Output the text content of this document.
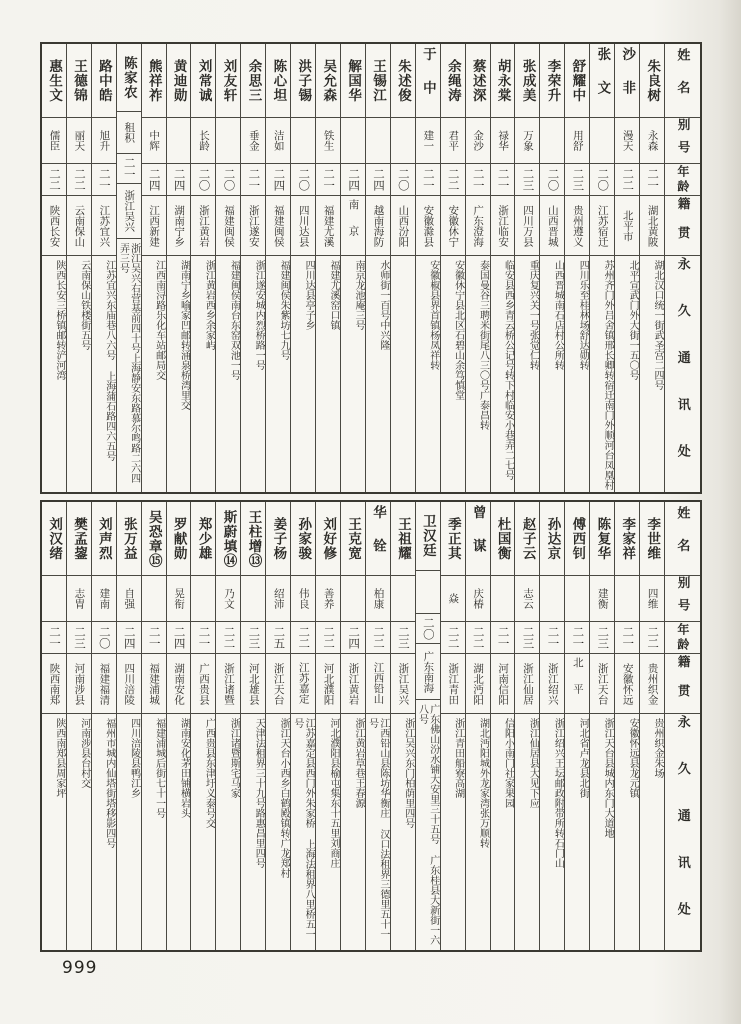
姓名
别号
年龄
籍贯
永久通讯处
朱良树
永森
二一
湖北黄陂
湖北汉口统一街武圣宫二四号
沙非
漫天
二二
北平市
北平宣武门外大街一五〇号
张文
二〇
江苏宿迁
苏州齐门外吕舍镇邢长卿转宿迁南门外顺河台凤凰村
舒耀中
用舒
二三
贵州遵义
四川乐至桂林场舒达勋转
李荣升
二〇
山西晋城
山西晋城南石店村公所转
张成美
万象
二三
四川万县
重庆复兴关一号张觉仁转
胡永棠
禄华
二一
浙江临安
临安县西乡青云桥公记号转下村临安小巷弄二七号
蔡述深
金沙
二一
广东澄海
泰国曼谷三聘米街尾八三〇号广泰昌转
余绳涛
君平
二二
安徽休宁
安徽休宁县北区石碧山余笃慎堂
于中
建一
二一
安徽滁县
安徽椒县界首镇杨凤祥转
朱述俊
二〇
山西汾阳
王锡江
二四
越南海防
水师街一百号中兴隆
解国华
二四
南京
南京龙池庵三号
吴允森
铁生
二一
福建尤溪
福建尤溪窑口镇
洪子锡
二〇
四川达县
四川达县亭子乡
陈心坦
洁如
二四
福建闽侯
福建闽侯朱紫坊七九号
余思三
垂金
二一
浙江遂安
浙江遂安城内烈桥路一号
刘友轩
二〇
福建闽侯
福建闽侯南台东窑双池一号
刘常诚
长龄
二〇
浙江黄岩
浙江黄岩西乡余家屿
黄迪勋
二四
湖南宁乡
湖南宁乡喻家凹邮转涌泉桥湾里交
熊祥祚
中辉
二四
江西新建
江西南浔路乐化车站邮局交
陈家农
租积
二一
浙江吴兴
浙江吴兴右营基前四十号上海静安东路慕尔鸣路二六四弄三号
路中皓
旭升
二一
江苏宜兴
江苏宜兴东庙巷八六号 上海蒲石路四六五号
王德锦
丽天
二二
云南保山
云南保山铁楼街五号
惠生文
儒臣
二二
陕西长安
陕西长安三桥镇邮转浐河湾
姓名
别号
年龄
籍贯
永久通讯处
李世维
四维
二二
贵州织金
贵州织金朱场
李家祥
二一
安徽怀远
安徽怀远县龙元镇
陈复华
建衡
二三
浙江天台
浙江天台县城内东门大道地
傅西钊
二一
北平
河北省卢龙县北街
孙达京
二一
浙江绍兴
浙江绍兴王坛邮政附带所转石门山
赵子云
志云
二三
浙江仙居
浙江仙居县大见下应
杜国衡
二一
河南信阳
信阳小南门社家果园
曾谋
庆椿
二二
湖北沔阳
湖北沔阳城外龙家湾张万顺转
季正其
焱
二二
浙江青田
浙江青田船寮高湖
卫汉廷
二〇
广东南海
广东佛山汾水铺大安里三十五号 广东桂县大新街一六八号
王祖耀
二三
浙江吴兴
浙江吴兴东门柏荫里四号
华铨
柏康
二二
江西铅山
江西铅山县陈坊华衡庄 汉口法租界三德里五十一号
王克宽
二四
浙江黄岩
浙江黄岩草巷王春源
刘好修
善养
二二
河北濮阳
河北濮阳县榆屯集东十五里刘商庄
孙家骏
伟良
二二
江苏嘉定
江苏嘉定县西门外朱家桥 上海法租界八里桥五一号
姜子杨
绍沛
二五
浙江天台
浙江天台小西乡白鹤殿镇转广龙郑村
王柱增⑬
二三
河北雄县
天津法租界三十九号路惠昌里四号
斯蔚填⑭
乃文
二二
浙江诸暨
浙江诸暨斯宅马家
郑少雄
二一
广西贵县
广西贵县东津圩义泰号交
罗献勋
晃衔
二四
湖南安化
湖南安化茅田铺横岩头
吴恐章⑮
二一
福建浦城
福建浦城后街七十一号
张万益
自强
二四
四川涪陵
四川涪陵县鸭江乡
刘声烈
建南
二〇
福建福清
福州市城内仙塔街塔移影四号
樊孟鋆
志胄
二三
河南涉县
河南涉县台村交
刘汉绪
二一
陕西南郑
陕西南郑县周家坪
999
